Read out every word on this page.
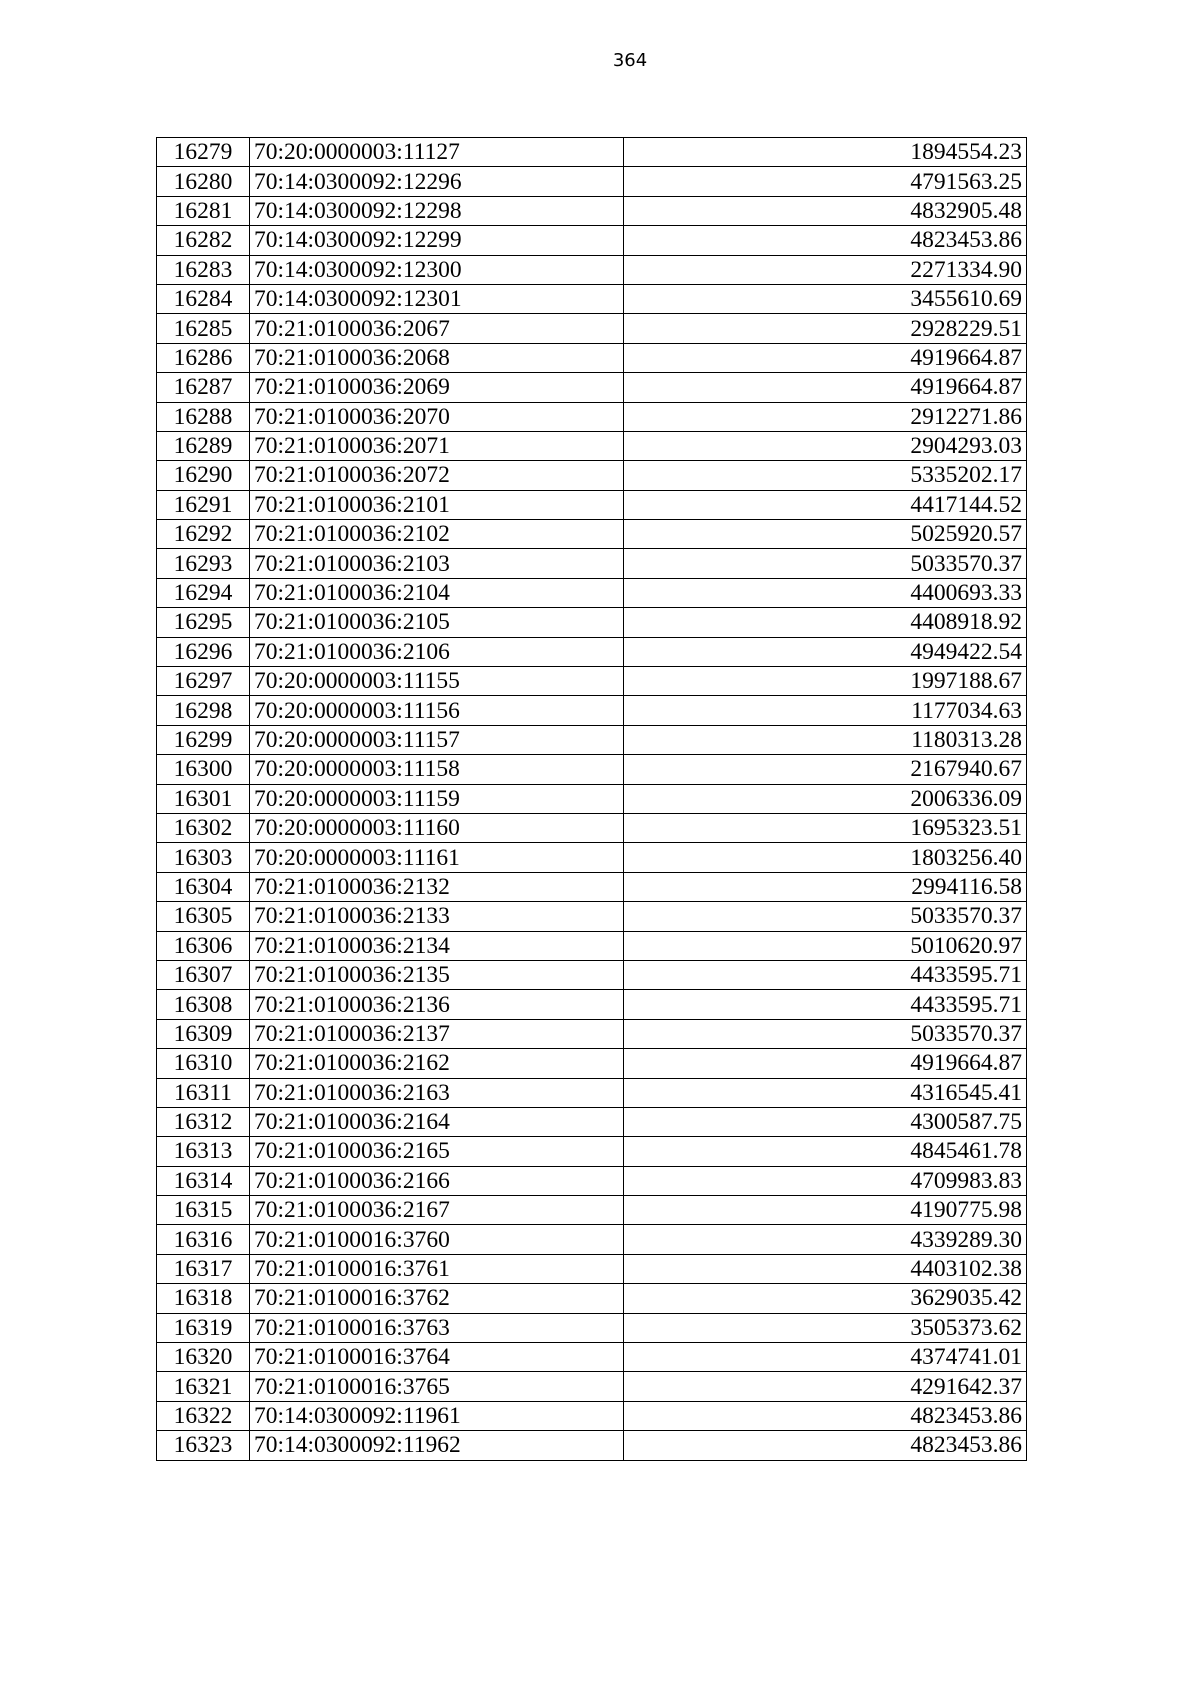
364
16279	70:20:0000003:11127	1894554.23
16280	70:14:0300092:12296	4791563.25
16281	70:14:0300092:12298	4832905.48
16282	70:14:0300092:12299	4823453.86
16283	70:14:0300092:12300	2271334.90
16284	70:14:0300092:12301	3455610.69
16285	70:21:0100036:2067	2928229.51
16286	70:21:0100036:2068	4919664.87
16287	70:21:0100036:2069	4919664.87
16288	70:21:0100036:2070	2912271.86
16289	70:21:0100036:2071	2904293.03
16290	70:21:0100036:2072	5335202.17
16291	70:21:0100036:2101	4417144.52
16292	70:21:0100036:2102	5025920.57
16293	70:21:0100036:2103	5033570.37
16294	70:21:0100036:2104	4400693.33
16295	70:21:0100036:2105	4408918.92
16296	70:21:0100036:2106	4949422.54
16297	70:20:0000003:11155	1997188.67
16298	70:20:0000003:11156	1177034.63
16299	70:20:0000003:11157	1180313.28
16300	70:20:0000003:11158	2167940.67
16301	70:20:0000003:11159	2006336.09
16302	70:20:0000003:11160	1695323.51
16303	70:20:0000003:11161	1803256.40
16304	70:21:0100036:2132	2994116.58
16305	70:21:0100036:2133	5033570.37
16306	70:21:0100036:2134	5010620.97
16307	70:21:0100036:2135	4433595.71
16308	70:21:0100036:2136	4433595.71
16309	70:21:0100036:2137	5033570.37
16310	70:21:0100036:2162	4919664.87
16311	70:21:0100036:2163	4316545.41
16312	70:21:0100036:2164	4300587.75
16313	70:21:0100036:2165	4845461.78
16314	70:21:0100036:2166	4709983.83
16315	70:21:0100036:2167	4190775.98
16316	70:21:0100016:3760	4339289.30
16317	70:21:0100016:3761	4403102.38
16318	70:21:0100016:3762	3629035.42
16319	70:21:0100016:3763	3505373.62
16320	70:21:0100016:3764	4374741.01
16321	70:21:0100016:3765	4291642.37
16322	70:14:0300092:11961	4823453.86
16323	70:14:0300092:11962	4823453.86
